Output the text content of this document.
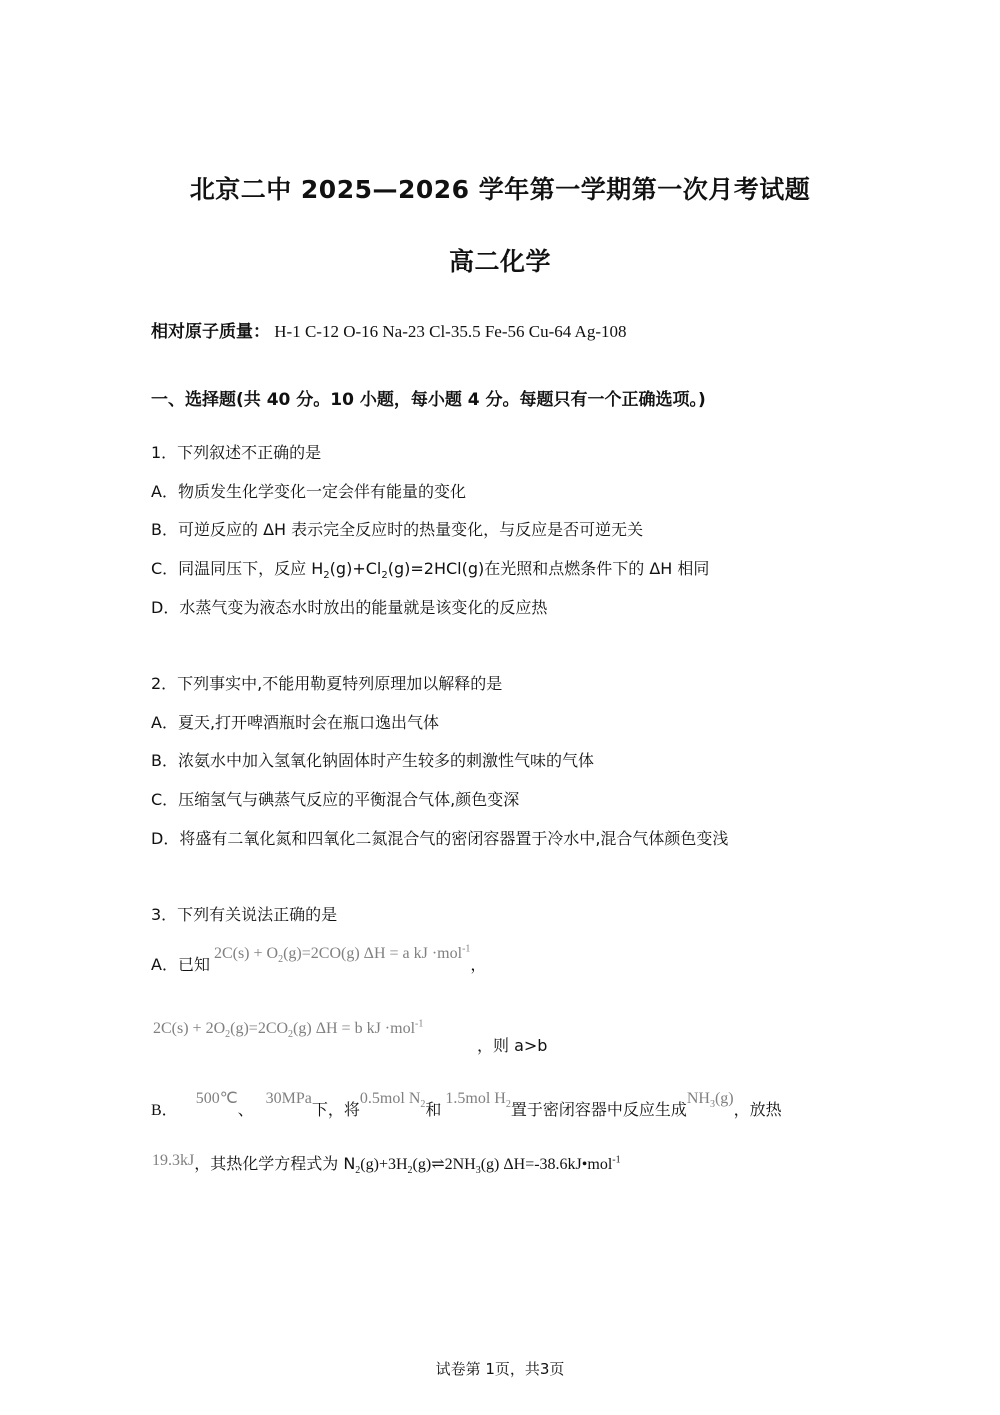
北京二中 2025—2026 学年第一学期第一次月考试题
高二化学
相对原子质量： H-1 C-12 O-16 Na-23 Cl-35.5 Fe-56 Cu-64 Ag-108
一、选择题(共 40 分。10 小题，每小题 4 分。每题只有一个正确选项。)
1．下列叙述不正确的是
A．物质发生化学变化一定会伴有能量的变化
B．可逆反应的 ΔH 表示完全反应时的热量变化，与反应是否可逆无关
C．同温同压下，反应 $H_2(g)+Cl_2(g)=2HCl(g)$在光照和点燃条件下的 ΔH 相同
D．水蒸气变为液态水时放出的能量就是该变化的反应热
2．下列事实中,不能用勒夏特列原理加以解释的是
A．夏天,打开啤酒瓶时会在瓶口逸出气体
B．浓氨水中加入氢氧化钠固体时产生较多的刺激性气味的气体
C．压缩氢气与碘蒸气反应的平衡混合气体,颜色变深
D．将盛有二氧化氮和四氧化二氮混合气的密闭容器置于冷水中,混合气体颜色变浅
3．下列有关说法正确的是
A．已知 $2C(s) + O_2(g)=2CO(g) \Delta H = a$ kJ ·mol$^{-1}$，
$2C(s) + 2O_2(g)=2CO_2(g) \Delta H = b$ kJ ·mol$^{-1}$
，则 a>b
B． 500℃、 30MPa下，将0.5mol $N_2$和1.5mol $H_2$置于密闭容器中反应生成$NH_3(g)$，放热
19.3kJ，其热化学方程式为 $N_2(g)+3H_2(g)\rightleftharpoons 2NH_3(g)$ ΔH=-38.6kJ•mol$^{-1}$
试卷第 1页，共3页
